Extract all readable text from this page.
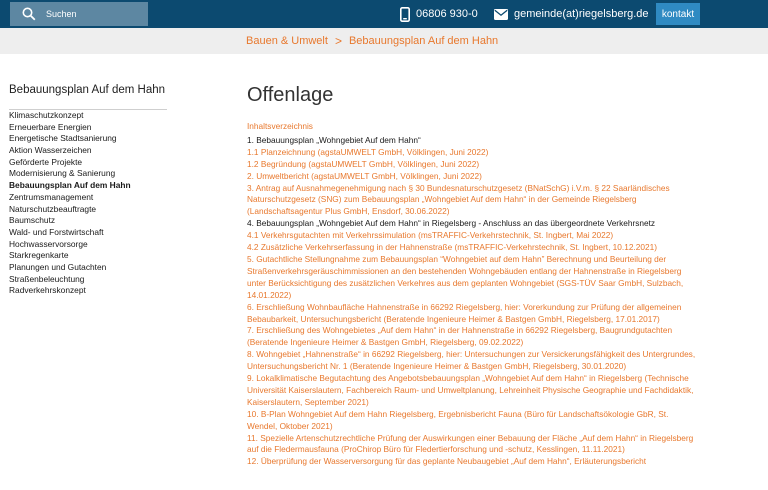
Suchen
06806 930-0	gemeinde(at)riegelsberg.de	kontakt
Bauen & Umwelt > Bebauungsplan Auf dem Hahn
Bebauungsplan Auf dem Hahn
Klimaschutzkonzept
Erneuerbare Energien
Energetische Stadtsanierung
Aktion Wasserzeichen
Geförderte Projekte
Modernisierung & Sanierung
Bebauungsplan Auf dem Hahn
Zentrumsmanagement
Naturschutzbeauftragte
Baumschutz
Wald- und Forstwirtschaft
Hochwasservorsorge
Starkregenkarte
Planungen und Gutachten
Straßenbeleuchtung
Radverkehrskonzept
Offenlage
Inhaltsverzeichnis
1. Bebauungsplan „Wohngebiet Auf dem Hahn“
1.1 Planzeichnung (agstaUMWELT GmbH, Völklingen, Juni 2022)
1.2 Begründung (agstaUMWELT GmbH, Völklingen, Juni 2022)
2. Umweltbericht (agstaUMWELT GmbH, Völklingen, Juni 2022)
3. Antrag auf Ausnahmegenehmigung nach § 30 Bundesnaturschutzgesetz (BNatSchG) i.V.m. § 22 Saarländisches
Naturschutzgesetz (SNG) zum Bebauungsplan „Wohngebiet Auf dem Hahn“ in der Gemeinde Riegelsberg
(Landschaftsagentur Plus GmbH, Ensdorf, 30.06.2022)
4. Bebauungsplan „Wohngebiet Auf dem Hahn“ in Riegelsberg - Anschluss an das übergeordnete Verkehrsnetz
4.1 Verkehrsgutachten mit Verkehrssimulation (msTRAFFIC-Verkehrstechnik, St. Ingbert, Mai 2022)
4.2 Zusätzliche Verkehrserfassung in der Hahnenstraße (msTRAFFIC-Verkehrstechnik, St. Ingbert, 10.12.2021)
5. Gutachtliche Stellungnahme zum Bebauungsplan “Wohngebiet auf dem Hahn” Berechnung und Beurteilung der
Straßenverkehrsgeräuschimmissionen an den bestehenden Wohngebäuden entlang der Hahnenstraße in Riegelsberg
unter Berücksichtigung des zusätzlichen Verkehres aus dem geplanten Wohngebiet (SGS-TÜV Saar GmbH, Sulzbach,
14.01.2022)
6. Erschließung Wohnbaufläche Hahnenstraße in 66292 Riegelsberg, hier: Vorerkundung zur Prüfung der allgemeinen
Bebaubarkeit, Untersuchungsbericht (Beratende Ingenieure Heimer & Bastgen GmbH, Riegelsberg, 17.01.2017)
7. Erschließung des Wohngebietes „Auf dem Hahn“ in der Hahnenstraße in 66292 Riegelsberg, Baugrundgutachten
(Beratende Ingenieure Heimer & Bastgen GmbH, Riegelsberg, 09.02.2022)
8. Wohngebiet „Hahnenstraße“ in 66292 Riegelsberg, hier: Untersuchungen zur Versickerungsfähigkeit des Untergrundes,
Untersuchungsbericht Nr. 1 (Beratende Ingenieure Heimer & Bastgen GmbH, Riegelsberg, 30.01.2020)
9. Lokalklimatische Begutachtung des Angebotsbebauungsplan „Wohngebiet Auf dem Hahn“ in Riegelsberg (Technische
Universität Kaiserslautern, Fachbereich Raum- und Umweltplanung, Lehreinheit Physische Geographie und Fachdidaktik,
Kaiserslautern, September 2021)
10. B-Plan Wohngebiet Auf dem Hahn Riegelsberg, Ergebnisbericht Fauna (Büro für Landschaftsökologie GbR, St.
Wendel, Oktober 2021)
11. Spezielle Artenschutzrechtliche Prüfung der Auswirkungen einer Bebauung der Fläche „Auf dem Hahn“ in Riegelsberg
auf die Fledermausfauna (ProChirop Büro für Fledertierforschung und -schutz, Kesslingen, 11.11.2021)
12. Überprüfung der Wasserversorgung für das geplante Neubaugebiet „Auf dem Hahn“, Erläuterungsbericht
